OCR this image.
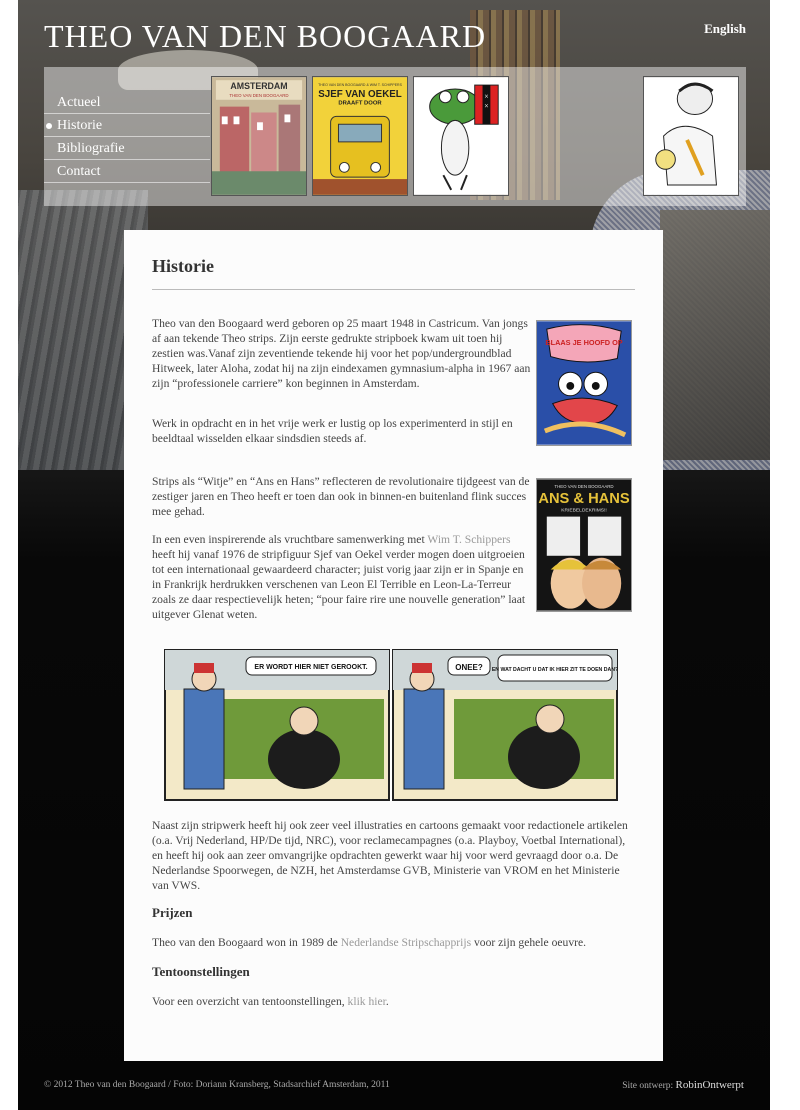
THEO VAN DEN BOOGAARD	English
Actueel
Historie
Bibliografie
Contact
AMSTERDAM
THEO VAN DEN BOOGAARD
THEO VAN DEN BOOGAARD & WIM T. SCHIPPERS
SJEF VAN OEKEL
DRAAFT DOOR
×
×
Historie

Theo van den Boogaard werd geboren op 25 maart 1948 in Castricum. Van jongs af aan tekende Theo strips. Zijn eerste gedrukte stripboek kwam uit toen hij zestien was.Vanaf zijn zeventiende tekende hij voor het pop/undergroundblad Hitweek, later Aloha, zodat hij na zijn eindexamen gymnasium-alpha in 1967 aan zijn “professionele carriere” kon beginnen in Amsterdam.

Werk in opdracht en in het vrije werk er lustig op los experimenterd in stijl en beeldtaal wisselden elkaar sindsdien steeds af.

BLAAS JE HOOFD OP

Strips als “Witje” en “Ans en Hans” reflecteren de revolutionaire tijdgeest van de zestiger jaren en Theo heeft er toen dan ook in binnen-en buitenland flink succes mee gehad.

In een even inspirerende als vruchtbare samenwerking met Wim T. Schippers heeft hij vanaf 1976 de stripfiguur Sjef van Oekel verder mogen doen uitgroeien tot een internationaal gewaardeerd character; juist vorig jaar zijn er in Spanje en in Frankrijk herdrukken verschenen van Leon El Terrible en Leon-La-Terreur zoals ze daar respectievelijk heten; “pour faire rire une nouvelle generation” laat uitgever Glenat weten.

THEO VAN DEN BOOGAARD
ANS & HANS
KRIEBELDEKRIMS!!
ER WORDT HIER NIET GEROOKT.	ONEE? EN WAT DACHT U DAT IK HIER ZIT TE DOEN DAN?

Naast zijn stripwerk heeft hij ook zeer veel illustraties en cartoons gemaakt voor redactionele artikelen (o.a. Vrij Nederland, HP/De tijd, NRC), voor reclamecampagnes (o.a. Playboy, Voetbal International), en heeft hij ook aan zeer omvangrijke opdrachten gewerkt waar hij voor werd gevraagd door o.a. De Nederlandse Spoorwegen, de NZH, het Amsterdamse GVB, Ministerie van VROM en het Ministerie van VWS.

Prijzen

Theo van den Boogaard won in 1989 de Nederlandse Stripschapprijs voor zijn gehele oeuvre.

Tentoonstellingen

Voor een overzicht van tentoonstellingen, klik hier.

© 2012 Theo van den Boogaard / Foto: Doriann Kransberg, Stadsarchief Amsterdam, 2011	Site ontwerp: RobinOntwerpt
